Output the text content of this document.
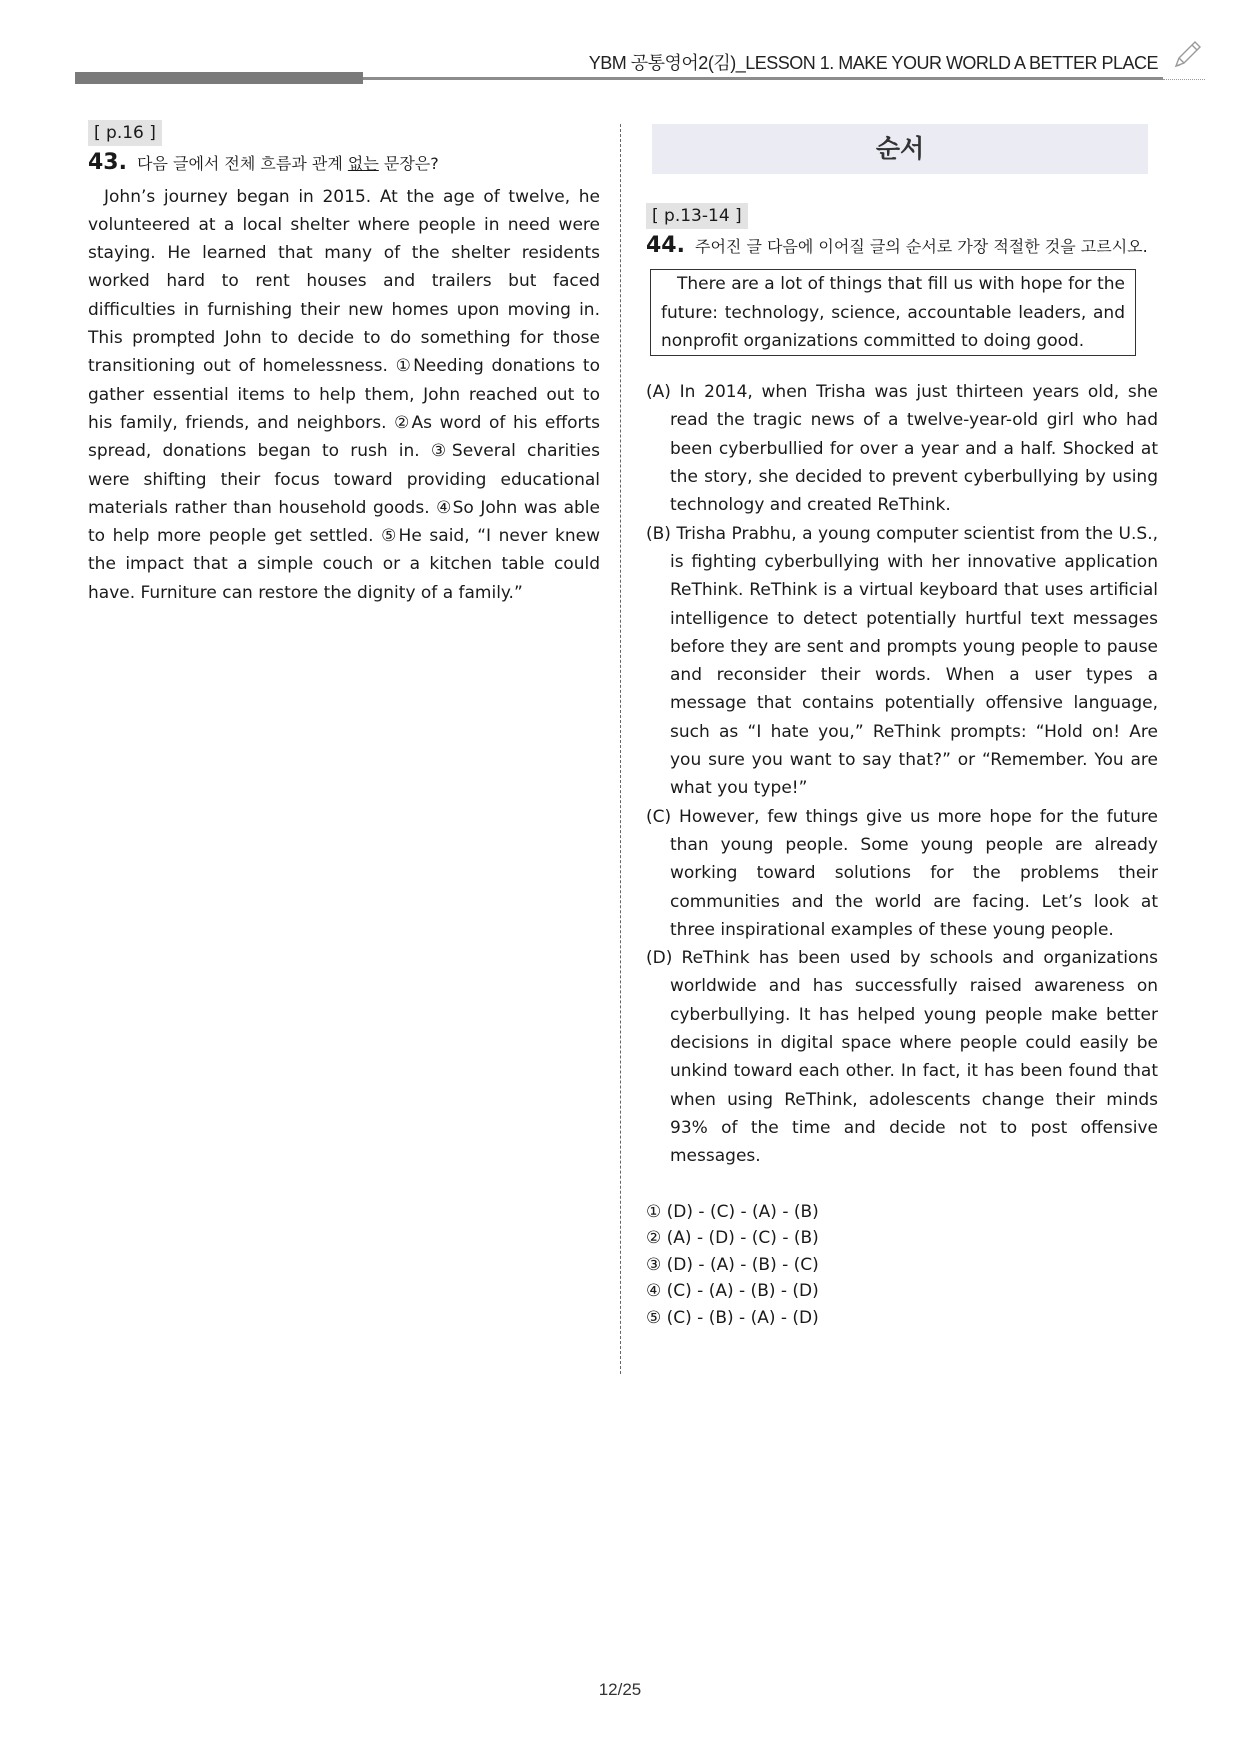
YBM 공통영어2(김)_LESSON 1. MAKE YOUR WORLD A BETTER PLACE
[ p.16 ]
43. 다음 글에서 전체 흐름과 관계 없는 문장은?

John’s journey began in 2015. At the age of twelve, he volunteered at a local shelter where people in need were staying. He learned that many of the shelter residents worked hard to rent houses and trailers but faced difficulties in furnishing their new homes upon moving in. This prompted John to decide to do something for those transitioning out of homelessness. ①Needing donations to gather essential items to help them, John reached out to his family, friends, and neighbors. ②As word of his efforts spread, donations began to rush in. ③Several charities were shifting their focus toward providing educational materials rather than household goods. ④So John was able to help more people get settled. ⑤He said, “I never knew the impact that a simple couch or a kitchen table could have. Furniture can restore the dignity of a family.”

순서
[ p.13-14 ]
44. 주어진 글 다음에 이어질 글의 순서로 가장 적절한 것을 고르시오.
There are a lot of things that fill us with hope for the future: technology, science, accountable leaders, and nonprofit organizations committed to doing good.

(A) In 2014, when Trisha was just thirteen years old, she read the tragic news of a twelve-year-old girl who had been cyberbullied for over a year and a half. Shocked at the story, she decided to prevent cyberbullying by using technology and created ReThink.

(B) Trisha Prabhu, a young computer scientist from the U.S., is fighting cyberbullying with her innovative application ReThink. ReThink is a virtual keyboard that uses artificial intelligence to detect potentially hurtful text messages before they are sent and prompts young people to pause and reconsider their words. When a user types a message that contains potentially offensive language, such as “I hate you,” ReThink prompts: “Hold on! Are you sure you want to say that?” or “Remember. You are what you type!”

(C) However, few things give us more hope for the future than young people. Some young people are already working toward solutions for the problems their communities and the world are facing. Let’s look at three inspirational examples of these young people.

(D) ReThink has been used by schools and organizations worldwide and has successfully raised awareness on cyberbullying. It has helped young people make better decisions in digital space where people could easily be unkind toward each other. In fact, it has been found that when using ReThink, adolescents change their minds 93% of the time and decide not to post offensive messages.

① (D) - (C) - (A) - (B)
② (A) - (D) - (C) - (B)
③ (D) - (A) - (B) - (C)
④ (C) - (A) - (B) - (D)
⑤ (C) - (B) - (A) - (D)
12/25
